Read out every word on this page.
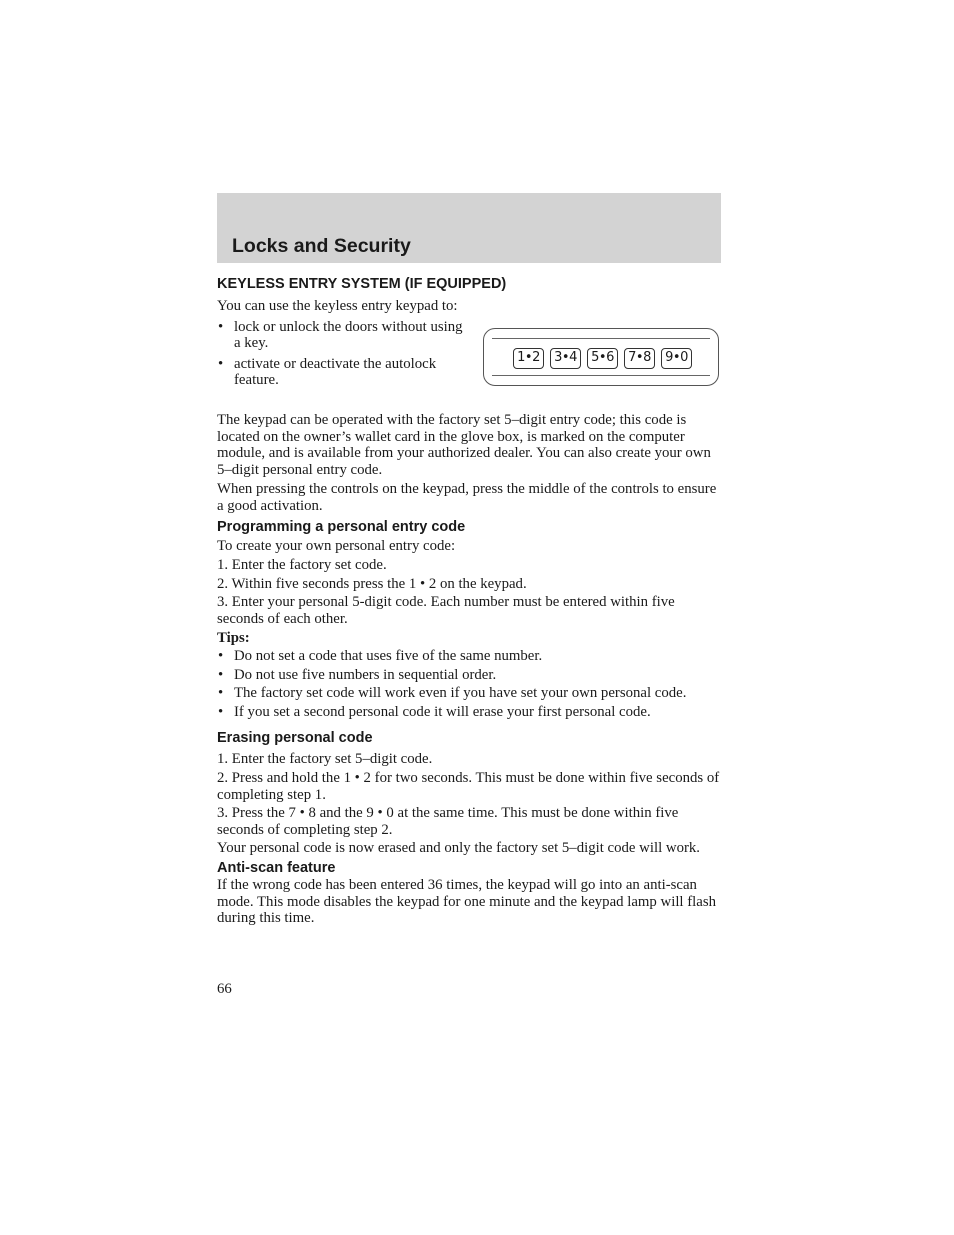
Locks and Security
KEYLESS ENTRY SYSTEM (IF EQUIPPED)

You can use the keyless entry keypad to:

• lock or unlock the doors without using a key.

• activate or deactivate the autolock feature.

1•2	3•4	5•6	7•8	9•0

The keypad can be operated with the factory set 5–digit entry code; this code is located on the owner’s wallet card in the glove box, is marked on the computer module, and is available from your authorized dealer. You can also create your own 5–digit personal entry code.

When pressing the controls on the keypad, press the middle of the controls to ensure a good activation.

Programming a personal entry code

To create your own personal entry code:

1. Enter the factory set code.

2. Within five seconds press the 1 • 2 on the keypad.

3. Enter your personal 5-digit code. Each number must be entered within five seconds of each other.

Tips:

• Do not set a code that uses five of the same number.

• Do not use five numbers in sequential order.

• The factory set code will work even if you have set your own personal code.

• If you set a second personal code it will erase your first personal code.

Erasing personal code

1. Enter the factory set 5–digit code.

2. Press and hold the 1 • 2 for two seconds. This must be done within five seconds of completing step 1.

3. Press the 7 • 8 and the 9 • 0 at the same time. This must be done within five seconds of completing step 2.

Your personal code is now erased and only the factory set 5–digit code will work.

Anti-scan feature

If the wrong code has been entered 36 times, the keypad will go into an anti-scan mode. This mode disables the keypad for one minute and the keypad lamp will flash during this time.

66
